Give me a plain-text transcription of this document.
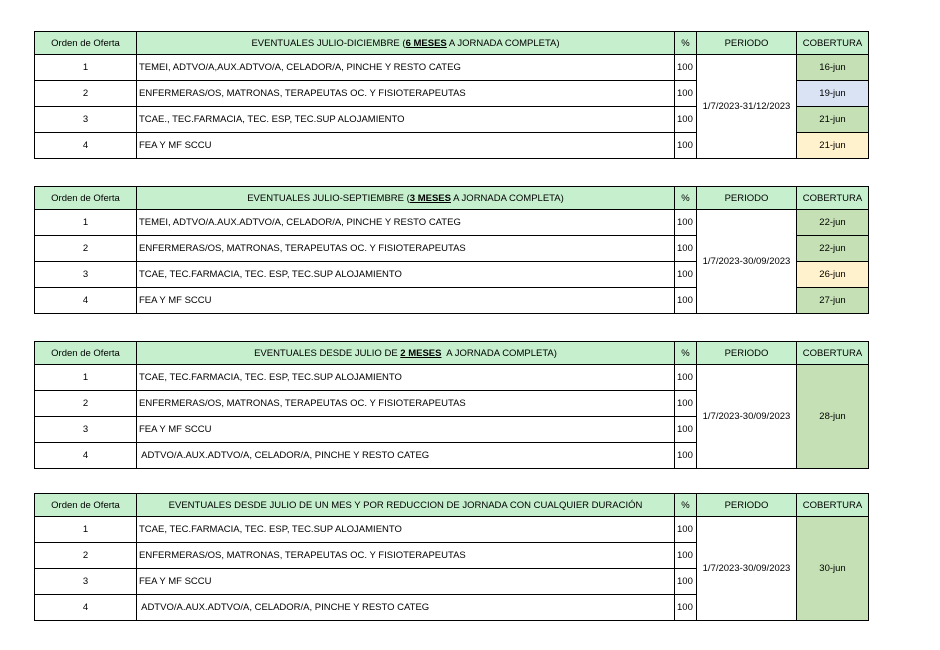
Orden de Oferta	EVENTUALES JULIO-DICIEMBRE (6 MESES A JORNADA COMPLETA)	%	PERIODO	COBERTURA
1	TEMEI, ADTVO/A,AUX.ADTVO/A, CELADOR/A, PINCHE Y RESTO CATEG	100	1/7/2023-31/12/2023	16-jun
2	ENFERMERAS/OS, MATRONAS, TERAPEUTAS OC. Y FISIOTERAPEUTAS	100		19-jun
3	TCAE., TEC.FARMACIA, TEC. ESP, TEC.SUP ALOJAMIENTO	100		21-jun
4	FEA Y MF SCCU	100		21-jun
Orden de Oferta	EVENTUALES JULIO-SEPTIEMBRE (3 MESES A JORNADA COMPLETA)	%	PERIODO	COBERTURA
1	TEMEI, ADTVO/A.AUX.ADTVO/A, CELADOR/A, PINCHE Y RESTO CATEG	100	1/7/2023-30/09/2023	22-jun
2	ENFERMERAS/OS, MATRONAS, TERAPEUTAS OC. Y FISIOTERAPEUTAS	100		22-jun
3	TCAE, TEC.FARMACIA, TEC. ESP, TEC.SUP ALOJAMIENTO	100		26-jun
4	FEA Y MF SCCU	100		27-jun
Orden de Oferta	EVENTUALES DESDE JULIO DE 2 MESES  A JORNADA COMPLETA)	%	PERIODO	COBERTURA
1	TCAE, TEC.FARMACIA, TEC. ESP, TEC.SUP ALOJAMIENTO	100	1/7/2023-30/09/2023	28-jun
2	ENFERMERAS/OS, MATRONAS, TERAPEUTAS OC. Y FISIOTERAPEUTAS	100		
3	FEA Y MF SCCU	100		
4	ADTVO/A.AUX.ADTVO/A, CELADOR/A, PINCHE Y RESTO CATEG	100		
Orden de Oferta	EVENTUALES DESDE JULIO DE UN MES Y POR REDUCCION DE JORNADA CON CUALQUIER DURACIÓN	%	PERIODO	COBERTURA
1	TCAE, TEC.FARMACIA, TEC. ESP, TEC.SUP ALOJAMIENTO	100	1/7/2023-30/09/2023	30-jun
2	ENFERMERAS/OS, MATRONAS, TERAPEUTAS OC. Y FISIOTERAPEUTAS	100		
3	FEA Y MF SCCU	100		
4	ADTVO/A.AUX.ADTVO/A, CELADOR/A, PINCHE Y RESTO CATEG	100		
